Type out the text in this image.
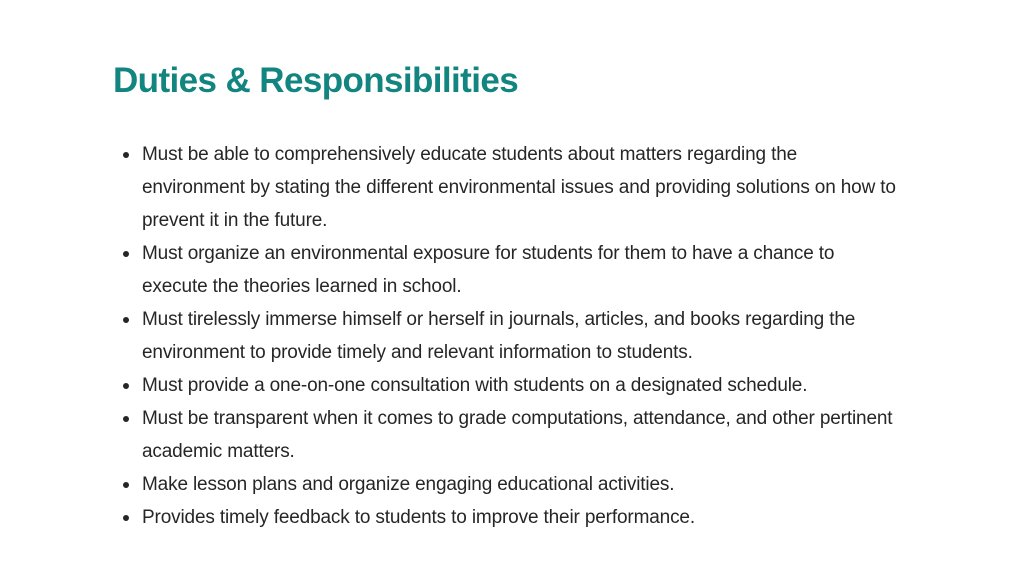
Duties & Responsibilities
Must be able to comprehensively educate students about matters regarding the environment by stating the different environmental issues and providing solutions on how to prevent it in the future.
Must organize an environmental exposure for students for them to have a chance to execute the theories learned in school.
Must tirelessly immerse himself or herself in journals, articles, and books regarding the environment to provide timely and relevant information to students.
Must provide a one-on-one consultation with students on a designated schedule.
Must be transparent when it comes to grade computations, attendance, and other pertinent academic matters.
Make lesson plans and organize engaging educational activities.
Provides timely feedback to students to improve their performance.
